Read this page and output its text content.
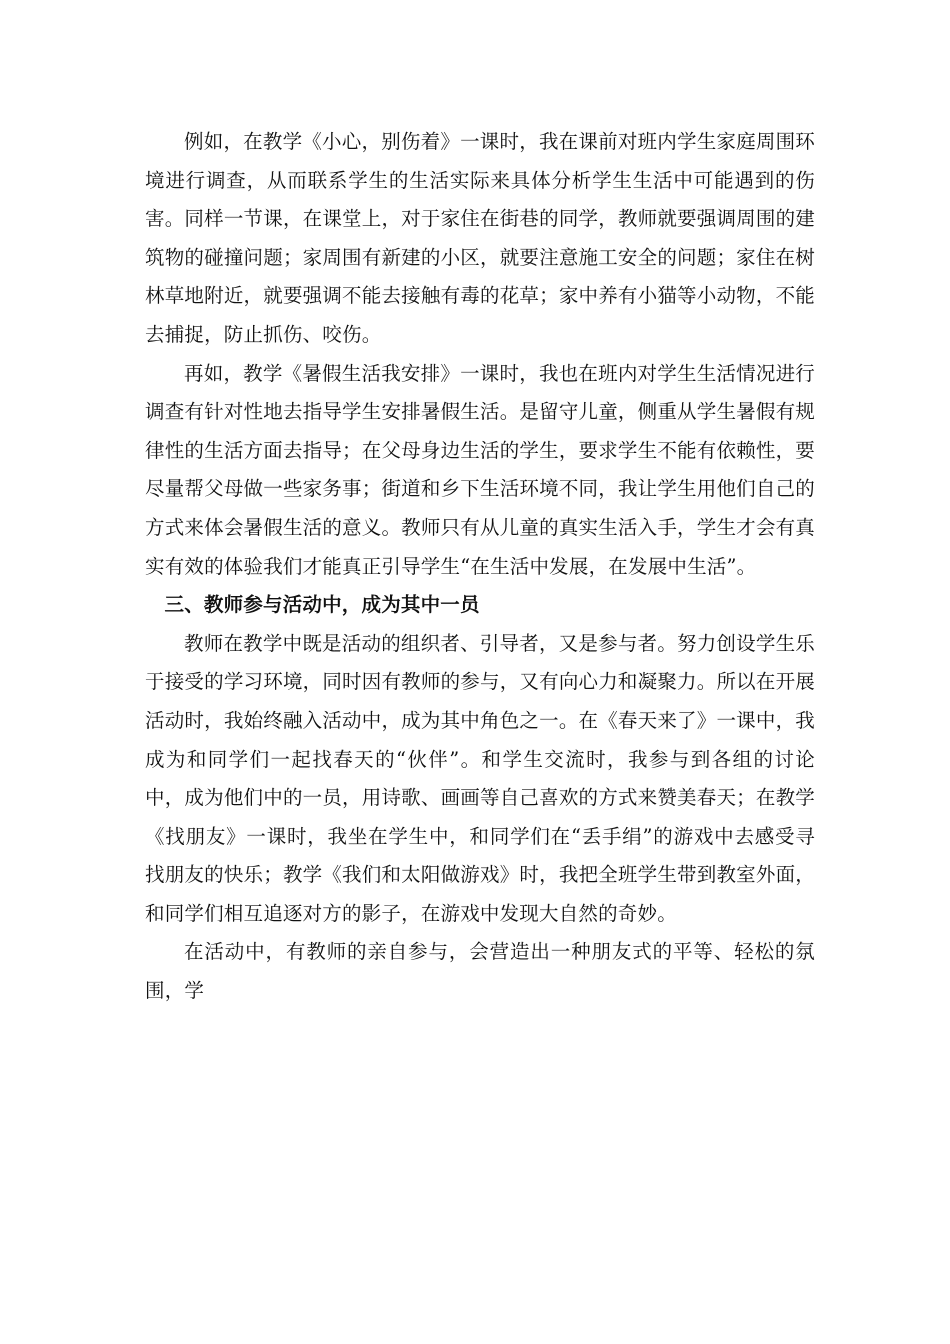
例如，在教学《小心，别伤着》一课时，我在课前对班内学生家庭周围环境进行调查，从而联系学生的生活实际来具体分析学生生活中可能遇到的伤害。同样一节课，在课堂上，对于家住在街巷的同学，教师就要强调周围的建筑物的碰撞问题；家周围有新建的小区，就要注意施工安全的问题；家住在树林草地附近，就要强调不能去接触有毒的花草；家中养有小猫等小动物，不能去捕捉，防止抓伤、咬伤。

再如，教学《暑假生活我安排》一课时，我也在班内对学生生活情况进行调查有针对性地去指导学生安排暑假生活。是留守儿童，侧重从学生暑假有规律性的生活方面去指导；在父母身边生活的学生，要求学生不能有依赖性，要尽量帮父母做一些家务事；街道和乡下生活环境不同，我让学生用他们自己的方式来体会暑假生活的意义。教师只有从儿童的真实生活入手，学生才会有真实有效的体验我们才能真正引导学生“在生活中发展，在发展中生活”。

三、教师参与活动中，成为其中一员

教师在教学中既是活动的组织者、引导者，又是参与者。努力创设学生乐于接受的学习环境，同时因有教师的参与，又有向心力和凝聚力。所以在开展活动时，我始终融入活动中，成为其中角色之一。在《春天来了》一课中，我成为和同学们一起找春天的“伙伴”。和学生交流时，我参与到各组的讨论中，成为他们中的一员，用诗歌、画画等自己喜欢的方式来赞美春天；在教学《找朋友》一课时，我坐在学生中，和同学们在“丢手绢”的游戏中去感受寻找朋友的快乐；教学《我们和太阳做游戏》时，我把全班学生带到教室外面，和同学们相互追逐对方的影子，在游戏中发现大自然的奇妙。

在活动中，有教师的亲自参与，会营造出一种朋友式的平等、轻松的氛围，学
